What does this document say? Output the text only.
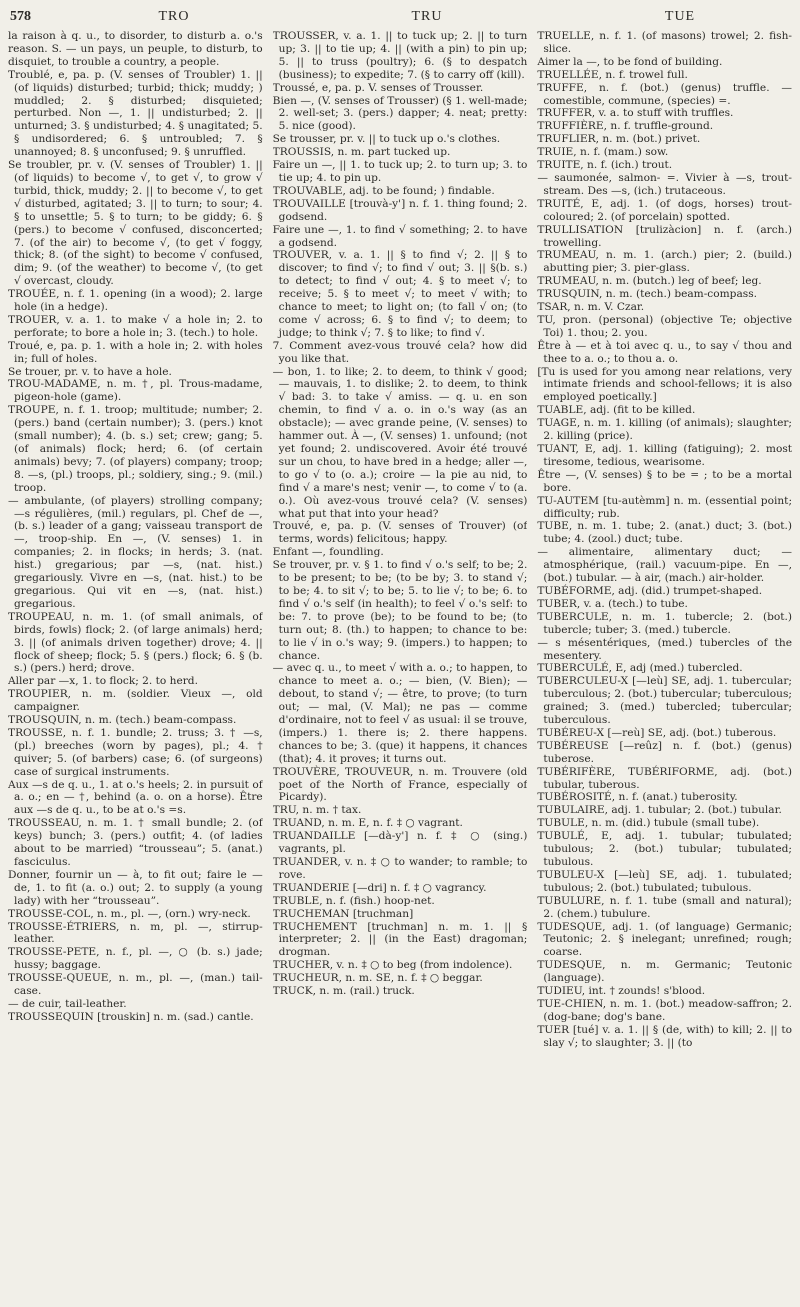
578	TRO	TRU	TUE
la raison à q. u., to disorder, to disturb a. o.'s reason. S. — un pays, un peuple, to disturb, to disquiet, to trouble a country, a people.
Troublé, e, pa. p. (V. senses of Troubler) 1. || (of liquids) disturbed; turbid; thick; muddy; ) muddled; 2. § disturbed; disquieted; perturbed. Non —, 1. || undisturbed; 2. || unturned; 3. § undisturbed; 4. § unagitated; 5. § undisordered; 6. § untroubled; 7. § unannoyed; 8. § unconfused; 9. § unruffled.
Se troubler, pr. v. (V. senses of Troubler) 1. || (of liquids) to become √, to get √, to grow √ turbid, thick, muddy; 2. || to become √, to get √ disturbed, agitated; 3. || to turn; to sour; 4. § to unsettle; 5. § to turn; to be giddy; 6. § (pers.) to become √ confused, disconcerted; 7. (of the air) to become √, (to get √ foggy, thick; 8. (of the sight) to become √ confused, dim; 9. (of the weather) to become √, (to get √ overcast, cloudy.
TROUÉE, n. f. 1. opening (in a wood); 2. large hole (in a hedge).
TROUER, v. a. 1. to make √ a hole in; 2. to perforate; to bore a hole in; 3. (tech.) to hole.
Troué, e, pa. p. 1. with a hole in; 2. with holes in; full of holes.
Se trouer, pr. v. to have a hole.
TROU-MADAME, n. m. †, pl. Trous-madame, pigeon-hole (game).
TROUPE, n. f. 1. troop; multitude; number; 2. (pers.) band (certain number); 3. (pers.) knot (small number); 4. (b. s.) set; crew; gang; 5. (of animals) flock; herd; 6. (of certain animals) bevy; 7. (of players) company; troop; 8. —s, (pl.) troops, pl.; soldiery, sing.; 9. (mil.) troop.
— ambulante, (of players) strolling company; —s régulières, (mil.) regulars, pl. Chef de —, (b. s.) leader of a gang; vaisseau transport de —, troop-ship. En —, (V. senses) 1. in companies; 2. in flocks; in herds; 3. (nat. hist.) gregarious; par —s, (nat. hist.) gregariously. Vivre en —s, (nat. hist.) to be gregarious. Qui vit en —s, (nat. hist.) gregarious.
TROUPEAU, n. m. 1. (of small animals, of birds, fowls) flock; 2. (of large animals) herd; 3. || (of animals driven together) drove; 4. || flock of sheep; flock; 5. § (pers.) flock; 6. § (b. s.) (pers.) herd; drove.
Aller par —x, 1. to flock; 2. to herd.
TROUPIER, n. m. (soldier. Vieux —, old campaigner.
TROUSQUIN, n. m. (tech.) beam-compass.
TROUSSE, n. f. 1. bundle; 2. truss; 3. † —s, (pl.) breeches (worn by pages), pl.; 4. † quiver; 5. (of barbers) case; 6. (of surgeons) case of surgical instruments.
Aux —s de q. u., 1. at o.'s heels; 2. in pursuit of a. o.; en — †, behind (a. o. on a horse). Être aux —s de q. u., to be at o.'s =s.
TROUSSEAU, n. m. 1. † small bundle; 2. (of keys) bunch; 3. (pers.) outfit; 4. (of ladies about to be married) “trousseau”; 5. (anat.) fasciculus.
Donner, fournir un — à, to fit out; faire le — de, 1. to fit (a. o.) out; 2. to supply (a young lady) with her “trousseau”.
TROUSSE-COL, n. m., pl. —, (orn.) wry-neck.
TROUSSE-ÉTRIERS, n. m, pl. —, stirrup-leather.
TROUSSE-PETE, n. f., pl. —, ○ (b. s.) jade; hussy; baggage.
TROUSSE-QUEUE, n. m., pl. —, (man.) tail-case.
— de cuir, tail-leather.
TROUSSEQUIN [trouskin] n. m. (sad.) cantle.
TROUSSER, v. a. 1. || to tuck up; 2. || to turn up; 3. || to tie up; 4. || (with a pin) to pin up; 5. || to truss (poultry); 6. (§ to despatch (business); to expedite; 7. (§ to carry off (kill).
Troussé, e, pa. p. V. senses of Trousser.
Bien —, (V. senses of Trousser) (§ 1. well-made; 2. well-set; 3. (pers.) dapper; 4. neat; pretty: 5. nice (good).
Se trousser, pr. v. || to tuck up o.'s clothes.
TROUSSIS, n. m. part tucked up.
Faire un —, || 1. to tuck up; 2. to turn up; 3. to tie up; 4. to pin up.
TROUVABLE, adj. to be found; ) findable.
TROUVAILLE [trouvà-y'] n. f. 1. thing found; 2. godsend.
Faire une —, 1. to find √ something; 2. to have a godsend.
TROUVER, v. a. 1. || § to find √; 2. || § to discover; to find √; to find √ out; 3. || §(b. s.) to detect; to find √ out; 4. § to meet √; to receive; 5. § to meet √; to meet √ with; to chance to meet; to light on; (to fall √ on; (to come √ across; 6. § to find √; to deem; to judge; to think √; 7. § to like; to find √.
7. Comment avez-vous trouvé cela? how did you like that.
— bon, 1. to like; 2. to deem, to think √ good; — mauvais, 1. to dislike; 2. to deem, to think √ bad: 3. to take √ amiss. — q. u. en son chemin, to find √ a. o. in o.'s way (as an obstacle); — avec grande peine, (V. senses) to hammer out. À —, (V. senses) 1. unfound; (not yet found; 2. undiscovered. Avoir été trouvé sur un chou, to have bred in a hedge; aller —, to go √ to (o. a.); croire — la pie au nid, to find √ a mare's nest; venir —, to come √ to (a. o.). Où avez-vous trouvé cela? (V. senses) what put that into your head?
Trouvé, e, pa. p. (V. senses of Trouver) (of terms, words) felicitous; happy.
Enfant —, foundling.
Se trouver, pr. v. § 1. to find √ o.'s self; to be; 2. to be present; to be; (to be by; 3. to stand √; to be; 4. to sit √; to be; 5. to lie √; to be; 6. to find √ o.'s self (in health); to feel √ o.'s self: to be: 7. to prove (be); to be found to be; (to turn out; 8. (th.) to happen; to chance to be: to lie √ in o.'s way; 9. (impers.) to happen; to chance.
— avec q. u., to meet √ with a. o.; to happen, to chance to meet a. o.; — bien, (V. Bien); — debout, to stand √; — être, to prove; (to turn out; — mal, (V. Mal); ne pas — comme d'ordinaire, not to feel √ as usual: il se trouve, (impers.) 1. there is; 2. there happens. chances to be; 3. (que) it happens, it chances (that); 4. it proves; it turns out.
TROUVÈRE, TROUVEUR, n. m. Trouvere (old poet of the North of France, especially of Picardy).
TRU, n. m. † tax.
TRUAND, n. m. E, n. f. ‡ ○ vagrant.
TRUANDAILLE [—dà-y'] n. f. ‡ ○ (sing.) vagrants, pl.
TRUANDER, v. n. ‡ ○ to wander; to ramble; to rove.
TRUANDERIE [—dri] n. f. ‡ ○ vagrancy.
TRUBLE, n. f. (fish.) hoop-net.
TRUCHEMAN [truchman]
TRUCHEMENT [truchman] n. m. 1. || § interpreter; 2. || (in the East) dragoman; drogman.
TRUCHER, v. n. ‡ ○ to beg (from indolence).
TRUCHEUR, n. m. SE, n. f. ‡ ○ beggar.
TRUCK, n. m. (rail.) truck.
TRUELLE, n. f. 1. (of masons) trowel; 2. fish-slice.
Aimer la —, to be fond of building.
TRUELLÉE, n. f. trowel full.
TRUFFE, n. f. (bot.) (genus) truffle. — comestible, commune, (species) =.
TRUFFER, v. a. to stuff with truffles.
TRUFFIÈRE, n. f. truffle-ground.
TRUFLIER, n. m. (bot.) privet.
TRUIE, n. f. (mam.) sow.
TRUITE, n. f. (ich.) trout.
— saumonée, salmon- =. Vivier à —s, trout-stream. Des —s, (ich.) trutaceous.
TRUITÉ, E, adj. 1. (of dogs, horses) trout-coloured; 2. (of porcelain) spotted.
TRULLISATION [trulizàcion] n. f. (arch.) trowelling.
TRUMEAU, n. m. 1. (arch.) pier; 2. (build.) abutting pier; 3. pier-glass.
TRUMEAU, n. m. (butch.) leg of beef; leg.
TRUSQUIN, n. m. (tech.) beam-compass.
TSAR, n. m. V. Czar.
TU, pron. (personal) (objective Te; objective Toi) 1. thou; 2. you.
Être à — et à toi avec q. u., to say √ thou and thee to a. o.; to thou a. o.
[Tu is used for you among near relations, very intimate friends and school-fellows; it is also employed poetically.]
TUABLE, adj. (fit to be killed.
TUAGE, n. m. 1. killing (of animals); slaughter; 2. killing (price).
TUANT, E, adj. 1. killing (fatiguing); 2. most tiresome, tedious, wearisome.
Être —, (V. senses) § to be = ; to be a mortal bore.
TU-AUTEM [tu-autèmm] n. m. (essential point; difficulty; rub.
TUBE, n. m. 1. tube; 2. (anat.) duct; 3. (bot.) tube; 4. (zool.) duct; tube.
— alimentaire, alimentary duct; — atmosphérique, (rail.) vacuum-pipe. En —, (bot.) tubular. — à air, (mach.) air-holder.
TUBÉFORME, adj. (did.) trumpet-shaped.
TUBER, v. a. (tech.) to tube.
TUBERCULE, n. m. 1. tubercle; 2. (bot.) tubercle; tuber; 3. (med.) tubercle.
— s mésentériques, (med.) tubercles of the mesentery.
TUBERCULÉ, E, adj (med.) tubercled.
TUBERCULEU-X [—leù] SE, adj. 1. tubercular; tuberculous; 2. (bot.) tubercular; tuberculous; grained; 3. (med.) tubercled; tubercular; tuberculous.
TUBÉREU-X [—reù] SE, adj. (bot.) tuberous.
TUBÉREUSE [—reûz] n. f. (bot.) (genus) tuberose.
TUBÉRIFÈRE, TUBÉRIFORME, adj. (bot.) tubular, tuberous.
TUBÉROSITÉ, n. f. (anat.) tuberosity.
TUBULAIRE, adj. 1. tubular; 2. (bot.) tubular.
TUBULE, n. m. (did.) tubule (small tube).
TUBULÉ, E, adj. 1. tubular; tubulated; tubulous; 2. (bot.) tubular; tubulated; tubulous.
TUBULEU-X [—leù] SE, adj. 1. tubulated; tubulous; 2. (bot.) tubulated; tubulous.
TUBULURE, n. f. 1. tube (small and natural); 2. (chem.) tubulure.
TUDESQUE, adj. 1. (of language) Germanic; Teutonic; 2. § inelegant; unrefined; rough; coarse.
TUDESQUE, n. m. Germanic; Teutonic (language).
TUDIEU, int. † zounds! s'blood.
TUE-CHIEN, n. m. 1. (bot.) meadow-saffron; 2. (dog-bane; dog's bane.
TUER [tué] v. a. 1. || § (de, with) to kill; 2. || to slay √; to slaughter; 3. || (to
